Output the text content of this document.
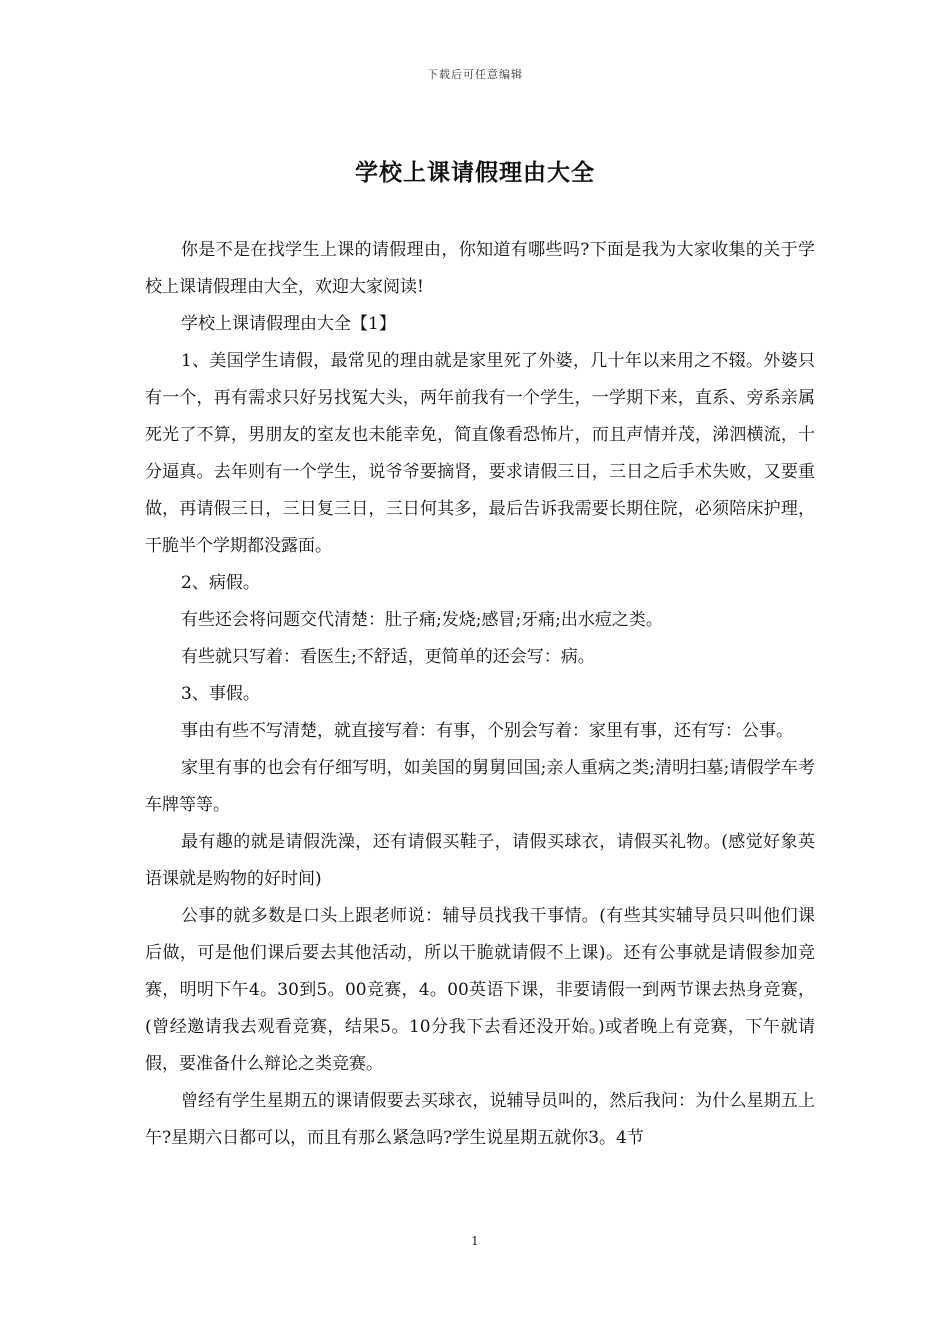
下载后可任意编辑
学校上课请假理由大全

你是不是在找学生上课的请假理由，你知道有哪些吗?下面是我为大家收集的关于学校上课请假理由大全，欢迎大家阅读!

学校上课请假理由大全【1】

1、美国学生请假，最常见的理由就是家里死了外婆，几十年以来用之不辍。外婆只有一个，再有需求只好另找冤大头，两年前我有一个学生，一学期下来，直系、旁系亲属死光了不算，男朋友的室友也未能幸免，简直像看恐怖片，而且声情并茂，涕泗横流，十分逼真。去年则有一个学生，说爷爷要摘肾，要求请假三日，三日之后手术失败，又要重做，再请假三日，三日复三日，三日何其多，最后告诉我需要长期住院，必须陪床护理，干脆半个学期都没露面。

2、病假。

有些还会将问题交代清楚：肚子痛;发烧;感冒;牙痛;出水痘之类。

有些就只写着：看医生;不舒适，更简单的还会写：病。

3、事假。

事由有些不写清楚，就直接写着：有事，个别会写着：家里有事，还有写：公事。

家里有事的也会有仔细写明，如美国的舅舅回国;亲人重病之类;清明扫墓;请假学车考车牌等等。

最有趣的就是请假洗澡，还有请假买鞋子，请假买球衣，请假买礼物。(感觉好象英语课就是购物的好时间)

公事的就多数是口头上跟老师说：辅导员找我干事情。(有些其实辅导员只叫他们课后做，可是他们课后要去其他活动，所以干脆就请假不上课)。还有公事就是请假参加竞赛，明明下午4。30到5。00竞赛，4。00英语下课，非要请假一到两节课去热身竞赛，(曾经邀请我去观看竞赛，结果5。10分我下去看还没开始。)或者晚上有竞赛，下午就请假，要准备什么辩论之类竞赛。

曾经有学生星期五的课请假要去买球衣，说辅导员叫的，然后我问：为什么星期五上午?星期六日都可以，而且有那么紧急吗?学生说星期五就你3。4节

1
